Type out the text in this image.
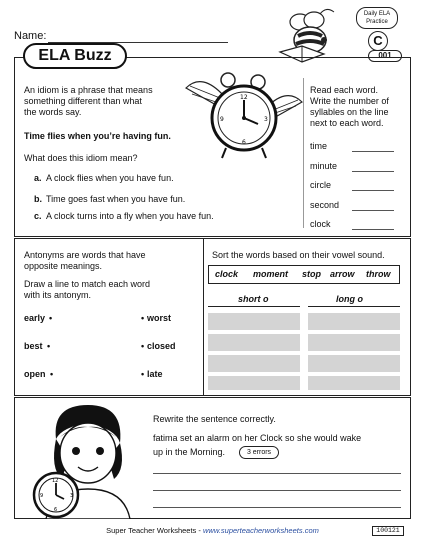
Name:
Daily ELA
Practice
C
001
ELA Buzz
An idiom is a phrase that means
something different than what
the words say.
Time flies when you’re having fun.
What does this idiom mean?
a. A clock flies when you have fun.
b. Time goes fast when you have fun.
c. A clock turns into a fly when you have fun.
12
3
6
9
Read each word.
Write the number of
syllables on the line
next to each word.
time
minute
circle
second
clock
Antonyms are words that have
opposite meanings.
Draw a line to match each word
with its antonym.
early •	• worst
best •	• closed
open •	• late
Sort the words based on their vowel sound.
clock moment stop arrow throw
short o	long o
12
3
6
9
Rewrite the sentence correctly.
fatima set an alarm on her Clock so she would wake
up in the Morning.	3 errors
Super Teacher Worksheets - www.superteacherworksheets.com	100121
